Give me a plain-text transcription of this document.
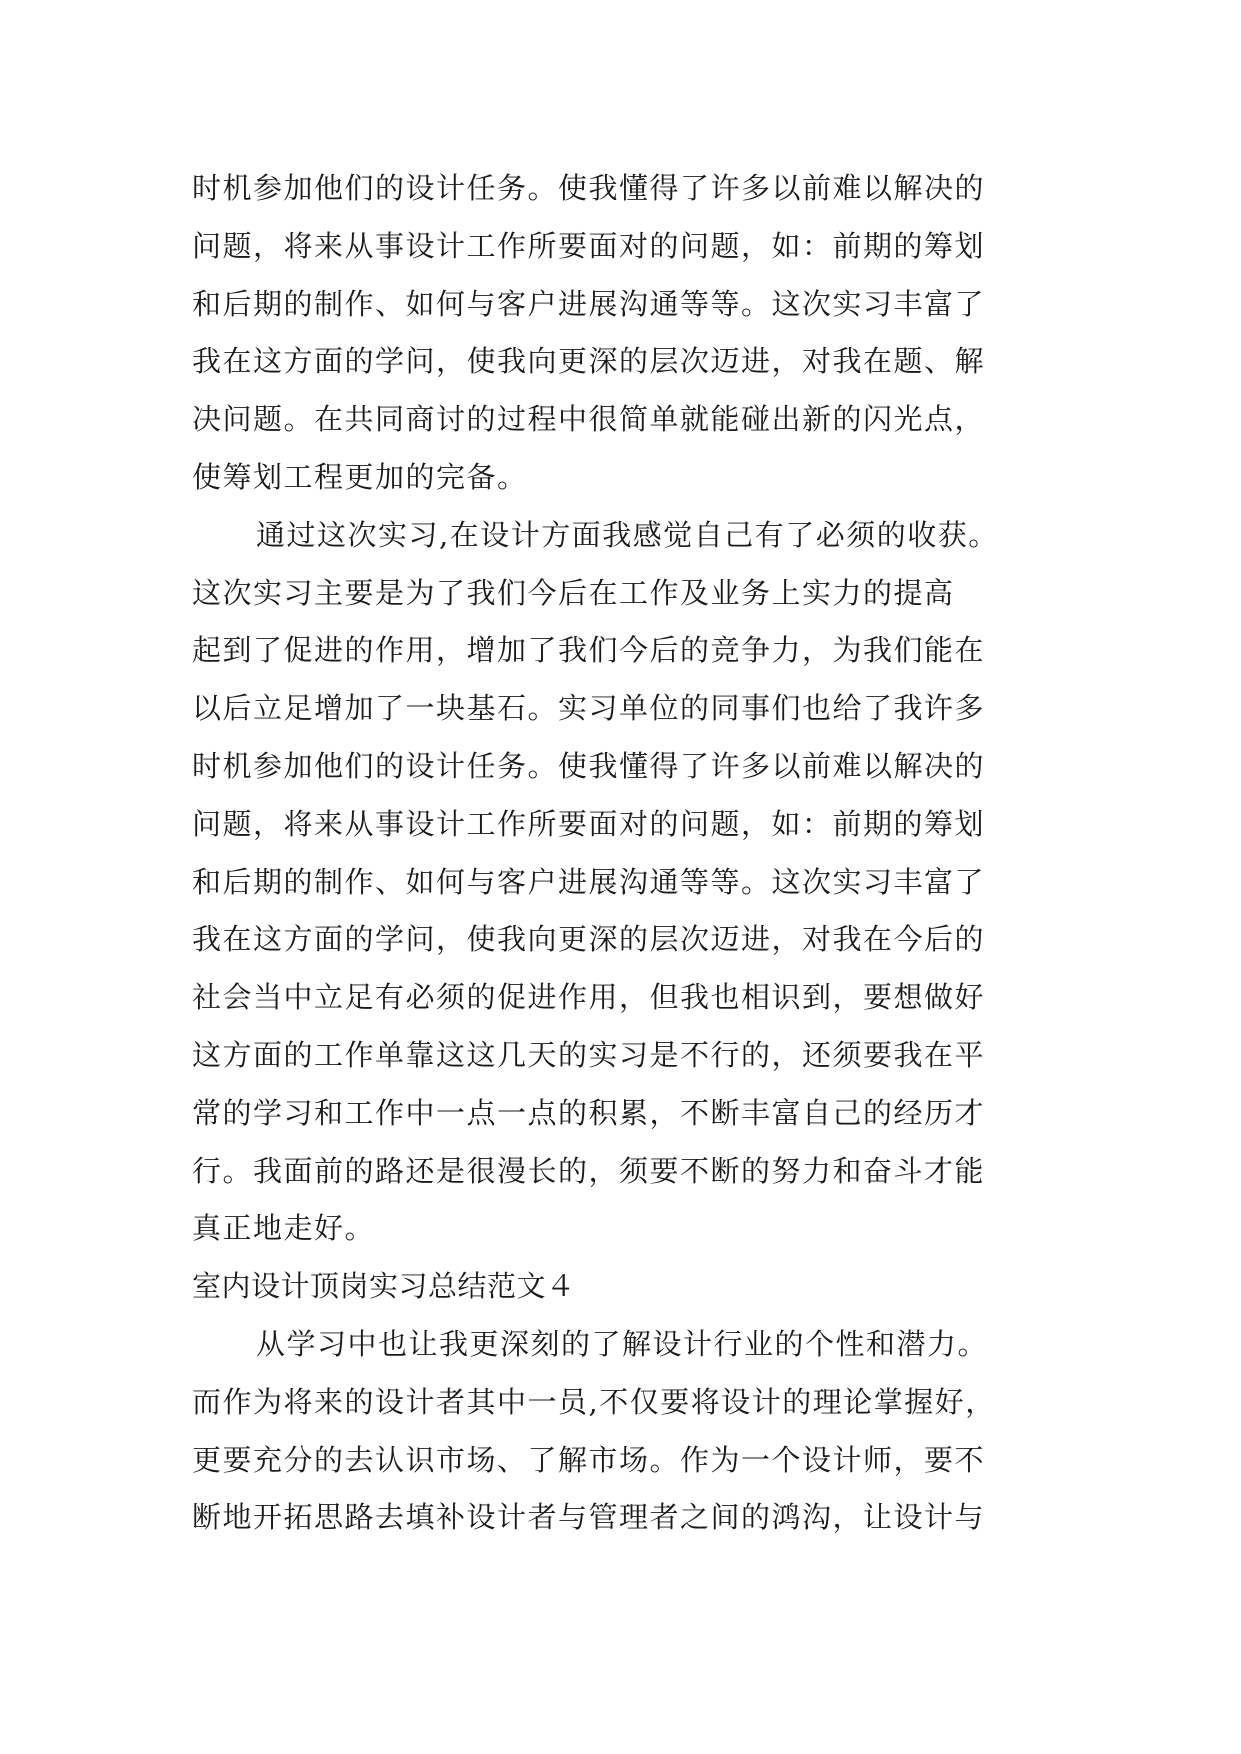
时机参加他们的设计任务。使我懂得了许多以前难以解决的
问题，将来从事设计工作所要面对的问题，如：前期的筹划
和后期的制作、如何与客户进展沟通等等。这次实习丰富了
我在这方面的学问，使我向更深的层次迈进，对我在题、解
决问题。在共同商讨的过程中很简单就能碰出新的闪光点，
使筹划工程更加的完备。
通过这次实习,在设计方面我感觉自己有了必须的收获。
这次实习主要是为了我们今后在工作及业务上实力的提高
起到了促进的作用，增加了我们今后的竞争力，为我们能在
以后立足增加了一块基石。实习单位的同事们也给了我许多
时机参加他们的设计任务。使我懂得了许多以前难以解决的
问题，将来从事设计工作所要面对的问题，如：前期的筹划
和后期的制作、如何与客户进展沟通等等。这次实习丰富了
我在这方面的学问，使我向更深的层次迈进，对我在今后的
社会当中立足有必须的促进作用，但我也相识到，要想做好
这方面的工作单靠这这几天的实习是不行的，还须要我在平
常的学习和工作中一点一点的积累，不断丰富自己的经历才
行。我面前的路还是很漫长的，须要不断的努力和奋斗才能
真正地走好。
室内设计顶岗实习总结范文４
从学习中也让我更深刻的了解设计行业的个性和潜力。
而作为将来的设计者其中一员,不仅要将设计的理论掌握好，
更要充分的去认识市场、了解市场。作为一个设计师，要不
断地开拓思路去填补设计者与管理者之间的鸿沟，让设计与
